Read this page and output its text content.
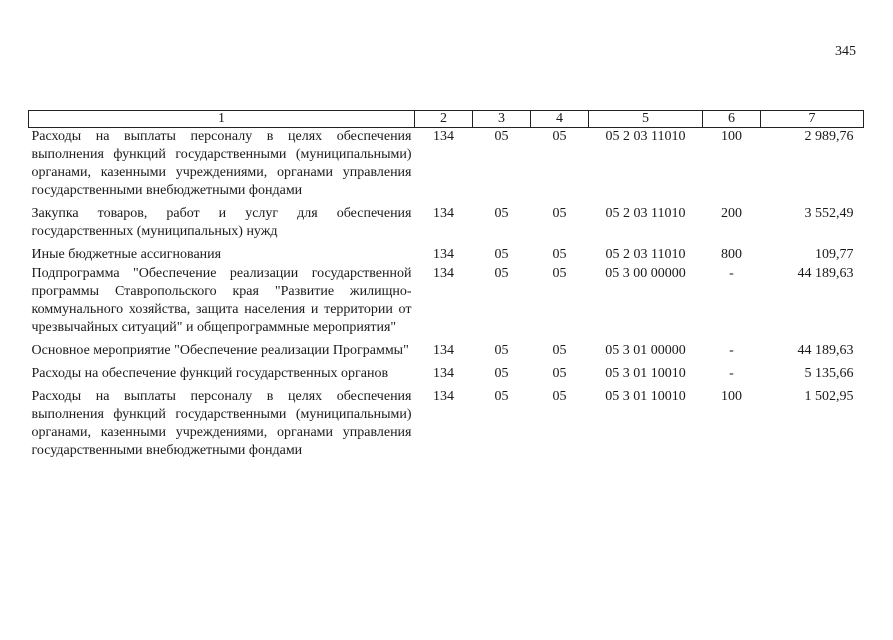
345
1	2	3	4	5	6	7
Расходы на выплаты персоналу в целях обеспечения выполнения функций государственными (муниципальными) органами, казенными учреждениями, органами управления государственными внебюджетными фондами	134	05	05	05 2 03 11010	100	2 989,76
Закупка товаров, работ и услуг для обеспечения государственных (муниципальных) нужд	134	05	05	05 2 03 11010	200	3 552,49
Иные бюджетные ассигнования	134	05	05	05 2 03 11010	800	109,77
Подпрограмма "Обеспечение реализации государственной программы Ставропольского края "Развитие жилищно-коммунального хозяйства, защита населения и территории от чрезвычайных ситуаций" и общепрограммные мероприятия"	134	05	05	05 3 00 00000	-	44 189,63
Основное мероприятие "Обеспечение реализации Программы"	134	05	05	05 3 01 00000	-	44 189,63
Расходы на обеспечение функций государственных органов	134	05	05	05 3 01 10010	-	5 135,66
Расходы на выплаты персоналу в целях обеспечения выполнения функций государственными (муниципальными) органами, казенными учреждениями, органами управления государственными внебюджетными фондами	134	05	05	05 3 01 10010	100	1 502,95
